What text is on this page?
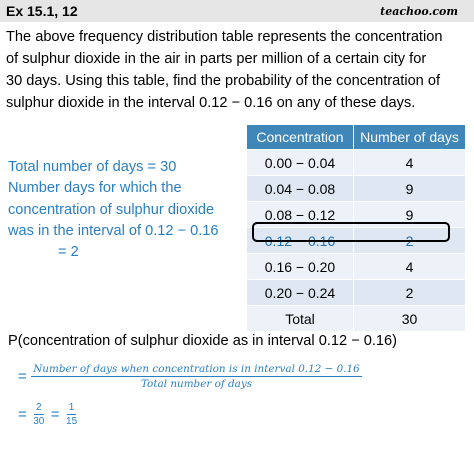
Ex 15.1, 12	teachoo.com
The above frequency distribution table represents the concentration
of sulphur dioxide in the air in parts per million of a certain city for
30 days. Using this table, find the probability of the concentration of
sulphur dioxide in the interval 0.12 − 0.16 on any of these days.
Concentration	Number of days
0.00 − 0.04	4
0.04 − 0.08	9
0.08 − 0.12	9
0.12 − 0.16	2
0.16 − 0.20	4
0.20 − 0.24	2
Total	30
Total number of days = 30
Number days for which the
concentration of sulphur dioxide
was in the interval of 0.12 − 0.16
= 2
P(concentration of sulphur dioxide as in interval 0.12 − 0.16)
= $\frac{\text{Number of days when concentration is in interval 0.12 − 0.16}}{\text{Total number of days}}$
= $\frac{2}{30} = \frac{1}{15}$
